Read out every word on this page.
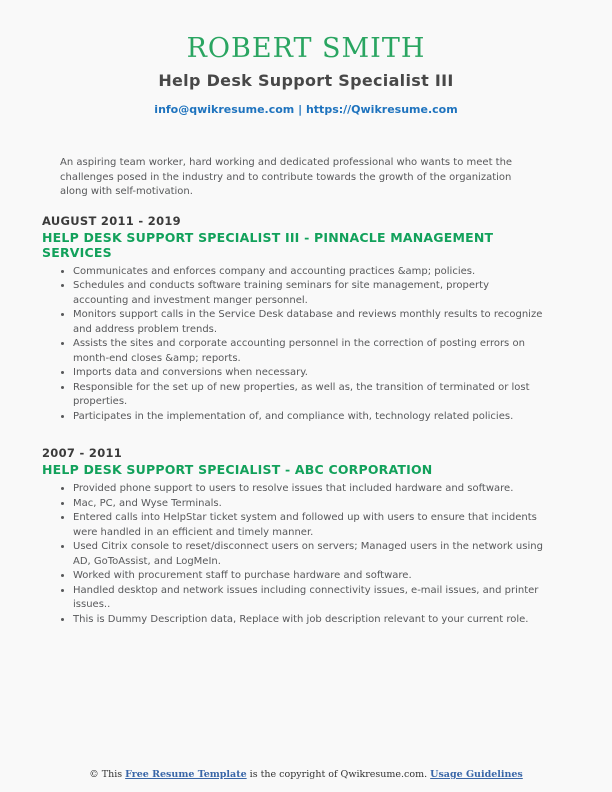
ROBERT SMITH
Help Desk Support Specialist III
info@qwikresume.com | https://Qwikresume.com

An aspiring team worker, hard working and dedicated professional who wants to meet the challenges posed in the industry and to contribute towards the growth of the organization along with self-motivation.

AUGUST 2011 - 2019
HELP DESK SUPPORT SPECIALIST III - PINNACLE MANAGEMENT SERVICES
• Communicates and enforces company and accounting practices &amp; policies.
• Schedules and conducts software training seminars for site management, property accounting and investment manger personnel.
• Monitors support calls in the Service Desk database and reviews monthly results to recognize and address problem trends.
• Assists the sites and corporate accounting personnel in the correction of posting errors on month-end closes &amp; reports.
• Imports data and conversions when necessary.
• Responsible for the set up of new properties, as well as, the transition of terminated or lost properties.
• Participates in the implementation of, and compliance with, technology related policies.
2007 - 2011
HELP DESK SUPPORT SPECIALIST - ABC CORPORATION
• Provided phone support to users to resolve issues that included hardware and software.
• Mac, PC, and Wyse Terminals.
• Entered calls into HelpStar ticket system and followed up with users to ensure that incidents were handled in an efficient and timely manner.
• Used Citrix console to reset/disconnect users on servers; Managed users in the network using AD, GoToAssist, and LogMeIn.
• Worked with procurement staff to purchase hardware and software.
• Handled desktop and network issues including connectivity issues, e-mail issues, and printer issues..
• This is Dummy Description data, Replace with job description relevant to your current role.
© This Free Resume Template is the copyright of Qwikresume.com. Usage Guidelines
